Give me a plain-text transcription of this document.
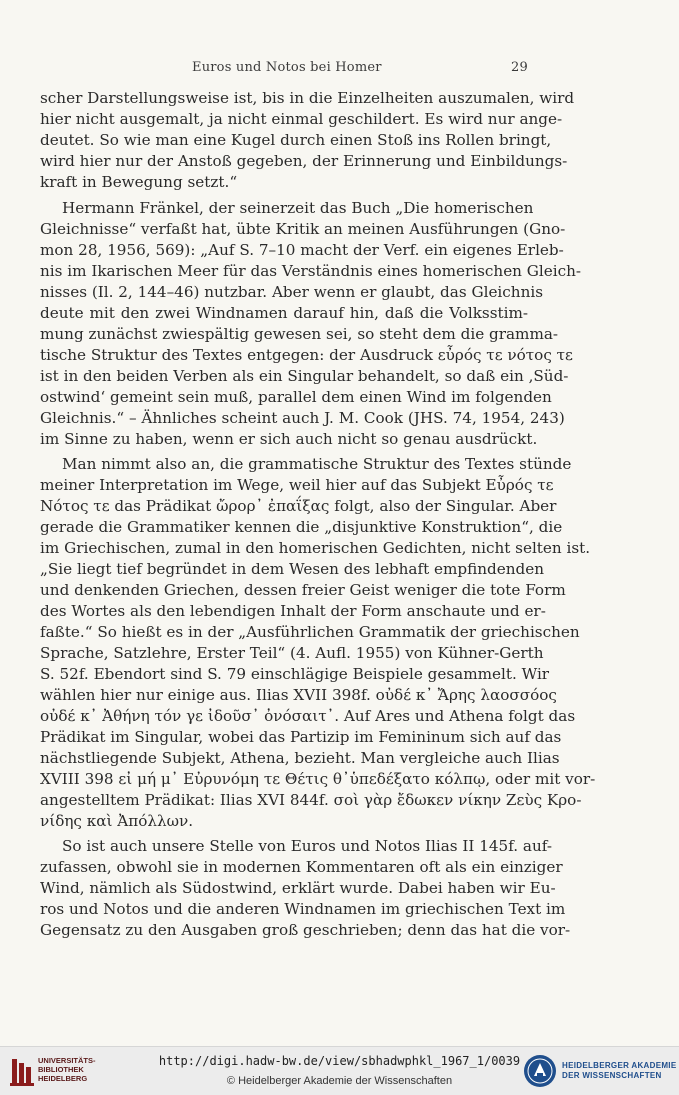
Euros und Notos bei Homer	29
scher Darstellungsweise ist, bis in die Einzelheiten auszumalen, wird
hier nicht ausgemalt, ja nicht einmal geschildert. Es wird nur ange-
deutet. So wie man eine Kugel durch einen Stoß ins Rollen bringt,
wird hier nur der Anstoß gegeben, der Erinnerung und Einbildungs-
kraft in Bewegung setzt.“
Hermann Fränkel, der seinerzeit das Buch „Die homerischen
Gleichnisse“ verfaßt hat, übte Kritik an meinen Ausführungen (Gno-
mon 28, 1956, 569): „Auf S. 7–10 macht der Verf. ein eigenes Erleb-
nis im Ikarischen Meer für das Verständnis eines homerischen Gleich-
nisses (Il. 2, 144–46) nutzbar. Aber wenn er glaubt, das Gleichnis
deute mit den zwei Windnamen darauf hin, daß die Volksstim-
mung zunächst zwiespältig gewesen sei, so steht dem die gramma-
tische Struktur des Textes entgegen: der Ausdruck εὖρός τε νότος τε
ist in den beiden Verben als ein Singular behandelt, so daß ein ‚Süd-
ostwind‘ gemeint sein muß, parallel dem einen Wind im folgenden
Gleichnis.“ – Ähnliches scheint auch J. M. Cook (JHS. 74, 1954, 243)
im Sinne zu haben, wenn er sich auch nicht so genau ausdrückt.
Man nimmt also an, die grammatische Struktur des Textes stünde
meiner Interpretation im Wege, weil hier auf das Subjekt Εὖρός τε
Νότος τε das Prädikat ὤρορ᾽ ἐπαΐξας folgt, also der Singular. Aber
gerade die Grammatiker kennen die „disjunktive Konstruktion“, die
im Griechischen, zumal in den homerischen Gedichten, nicht selten ist.
„Sie liegt tief begründet in dem Wesen des lebhaft empfindenden
und denkenden Griechen, dessen freier Geist weniger die tote Form
des Wortes als den lebendigen Inhalt der Form anschaute und er-
faßte.“ So hießt es in der „Ausführlichen Grammatik der griechischen
Sprache, Satzlehre, Erster Teil“ (4. Aufl. 1955) von Kühner-Gerth
S. 52f. Ebendort sind S. 79 einschlägige Beispiele gesammelt. Wir
wählen hier nur einige aus. Ilias XVII 398f. οὐδέ κ᾽ Ἄρης λαοσσόος
οὐδέ κ᾽ Ἀθήνη τόν γε ἰδοῦσ᾽ ὀνόσαιτ᾽. Auf Ares und Athena folgt das
Prädikat im Singular, wobei das Partizip im Femininum sich auf das
nächstliegende Subjekt, Athena, bezieht. Man vergleiche auch Ilias
XVIII 398 εἰ μή μ᾽ Εὐρυνόμη τε Θέτις θ᾽ὑπεδέξατο κόλπῳ, oder mit vor-
angestelltem Prädikat: Ilias XVI 844f. σοὶ γὰρ ἔδωκεν νίκην Ζεὺς Κρο-
νίδης καὶ Ἀπόλλων.
So ist auch unsere Stelle von Euros und Notos Ilias II 145f. auf-
zufassen, obwohl sie in modernen Kommentaren oft als ein einziger
Wind, nämlich als Südostwind, erklärt wurde. Dabei haben wir Eu-
ros und Notos und die anderen Windnamen im griechischen Text im
Gegensatz zu den Ausgaben groß geschrieben; denn das hat die vor-
UNIVERSITÄTS-
BIBLIOTHEK
HEIDELBERG
http://digi.hadw-bw.de/view/sbhadwphkl_1967_1/0039
© Heidelberger Akademie der Wissenschaften
HEIDELBERGER AKADEMIE
DER WISSENSCHAFTEN
